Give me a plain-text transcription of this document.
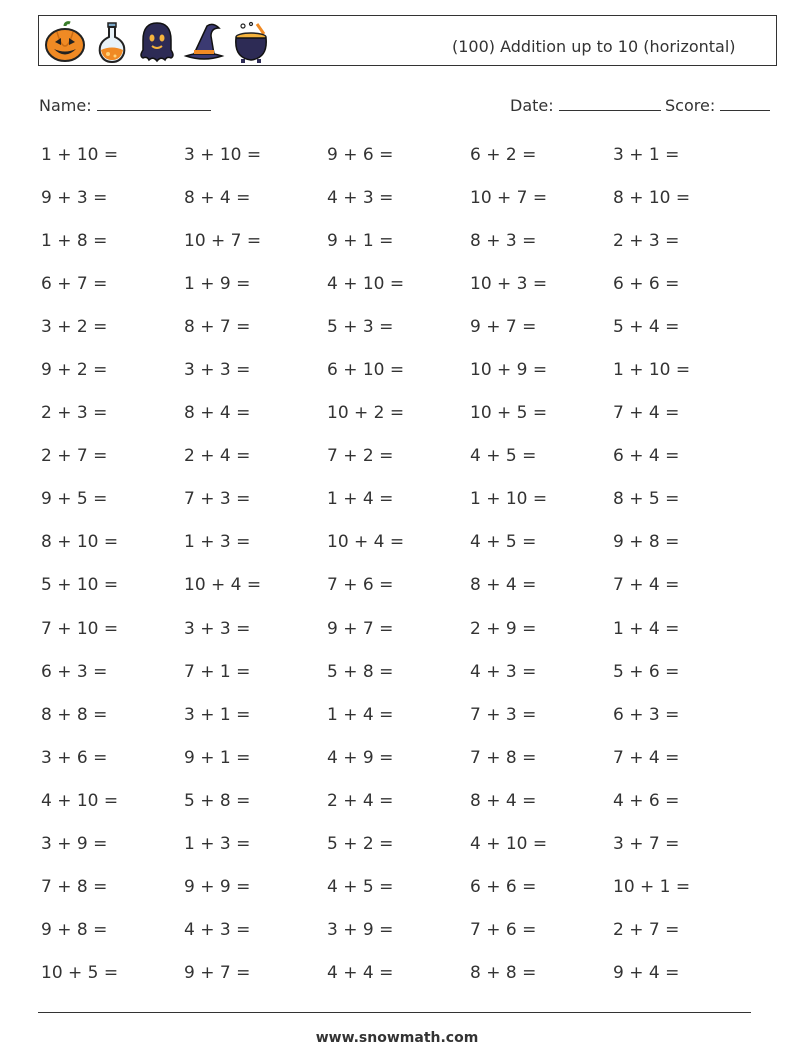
(100) Addition up to 10 (horizontal)
Name:	Date:	Score:
1 + 10 =	3 + 10 =	9 + 6 =	6 + 2 =	3 + 1 =
9 + 3 =	8 + 4 =	4 + 3 =	10 + 7 =	8 + 10 =
1 + 8 =	10 + 7 =	9 + 1 =	8 + 3 =	2 + 3 =
6 + 7 =	1 + 9 =	4 + 10 =	10 + 3 =	6 + 6 =
3 + 2 =	8 + 7 =	5 + 3 =	9 + 7 =	5 + 4 =
9 + 2 =	3 + 3 =	6 + 10 =	10 + 9 =	1 + 10 =
2 + 3 =	8 + 4 =	10 + 2 =	10 + 5 =	7 + 4 =
2 + 7 =	2 + 4 =	7 + 2 =	4 + 5 =	6 + 4 =
9 + 5 =	7 + 3 =	1 + 4 =	1 + 10 =	8 + 5 =
8 + 10 =	1 + 3 =	10 + 4 =	4 + 5 =	9 + 8 =
5 + 10 =	10 + 4 =	7 + 6 =	8 + 4 =	7 + 4 =
7 + 10 =	3 + 3 =	9 + 7 =	2 + 9 =	1 + 4 =
6 + 3 =	7 + 1 =	5 + 8 =	4 + 3 =	5 + 6 =
8 + 8 =	3 + 1 =	1 + 4 =	7 + 3 =	6 + 3 =
3 + 6 =	9 + 1 =	4 + 9 =	7 + 8 =	7 + 4 =
4 + 10 =	5 + 8 =	2 + 4 =	8 + 4 =	4 + 6 =
3 + 9 =	1 + 3 =	5 + 2 =	4 + 10 =	3 + 7 =
7 + 8 =	9 + 9 =	4 + 5 =	6 + 6 =	10 + 1 =
9 + 8 =	4 + 3 =	3 + 9 =	7 + 6 =	2 + 7 =
10 + 5 =	9 + 7 =	4 + 4 =	8 + 8 =	9 + 4 =
www.snowmath.com
